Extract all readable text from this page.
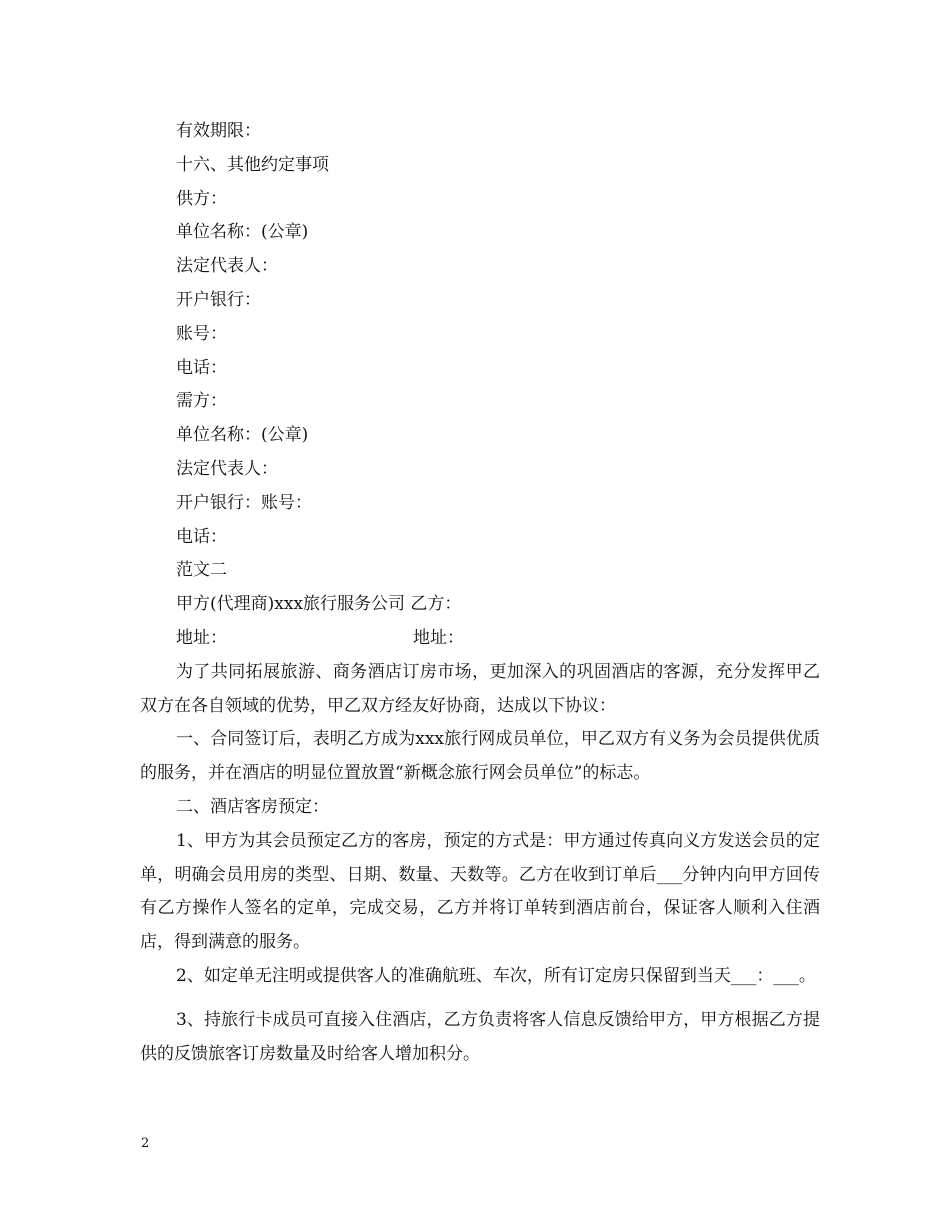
有效期限：
十六、其他约定事项
供方：
单位名称：(公章)
法定代表人：
开户银行：
账号：
电话：
需方：
单位名称：(公章)
法定代表人：
开户银行：账号：
电话：
范文二
甲方(代理商)xxx旅行服务公司 乙方：
地址：	地址：

为了共同拓展旅游、商务酒店订房市场，更加深入的巩固酒店的客源，充分发挥甲乙双方在各自领域的优势，甲乙双方经友好协商，达成以下协议：

一、合同签订后，表明乙方成为xxx旅行网成员单位，甲乙双方有义务为会员提供优质的服务，并在酒店的明显位置放置“新概念旅行网会员单位”的标志。

二、酒店客房预定：

1、甲方为其会员预定乙方的客房，预定的方式是：甲方通过传真向义方发送会员的定单，明确会员用房的类型、日期、数量、天数等。乙方在收到订单后___分钟内向甲方回传有乙方操作人签名的定单，完成交易，乙方并将订单转到酒店前台，保证客人顺利入住酒店，得到满意的服务。

2、如定单无注明或提供客人的准确航班、车次，所有订定房只保留到当天___：___。

3、持旅行卡成员可直接入住酒店，乙方负责将客人信息反馈给甲方，甲方根据乙方提供的反馈旅客订房数量及时给客人增加积分。

2
